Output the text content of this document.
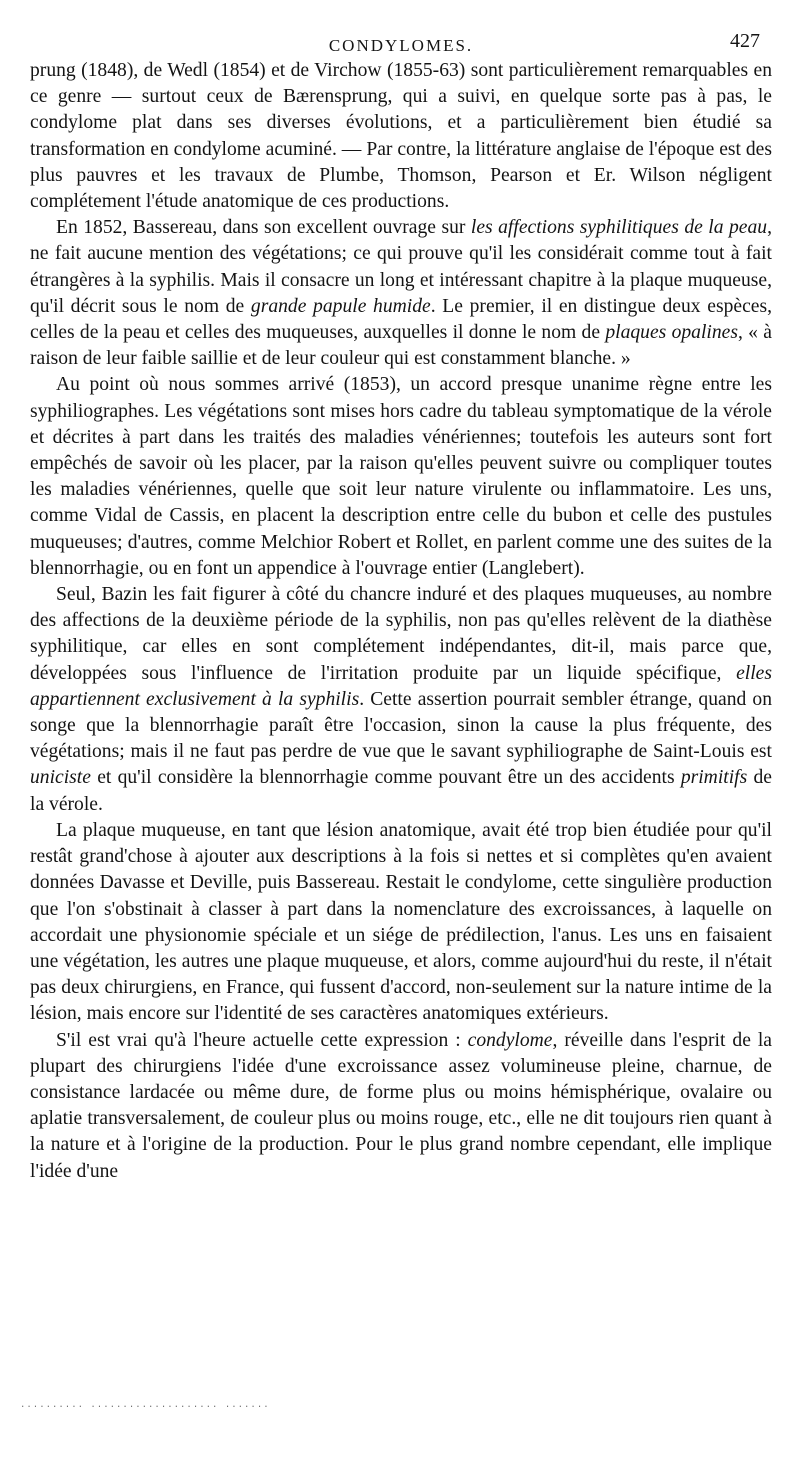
CONDYLOMES.	427

prung (1848), de Wedl (1854) et de Virchow (1855-63) sont particulièrement remarquables en ce genre — surtout ceux de Bærensprung, qui a suivi, en quelque sorte pas à pas, le condylome plat dans ses diverses évolutions, et a particulièrement bien étudié sa transformation en condylome acuminé. — Par contre, la littérature anglaise de l'époque est des plus pauvres et les travaux de Plumbe, Thomson, Pearson et Er. Wilson négligent complétement l'étude anatomique de ces productions.

En 1852, Bassereau, dans son excellent ouvrage sur les affections syphilitiques de la peau, ne fait aucune mention des végétations; ce qui prouve qu'il les considérait comme tout à fait étrangères à la syphilis. Mais il consacre un long et intéressant chapitre à la plaque muqueuse, qu'il décrit sous le nom de grande papule humide. Le premier, il en distingue deux espèces, celles de la peau et celles des muqueuses, auxquelles il donne le nom de plaques opalines, « à raison de leur faible saillie et de leur couleur qui est constamment blanche. »

Au point où nous sommes arrivé (1853), un accord presque unanime règne entre les syphiliographes. Les végétations sont mises hors cadre du tableau symptomatique de la vérole et décrites à part dans les traités des maladies vénériennes; toutefois les auteurs sont fort empêchés de savoir où les placer, par la raison qu'elles peuvent suivre ou compliquer toutes les maladies vénériennes, quelle que soit leur nature virulente ou inflammatoire. Les uns, comme Vidal de Cassis, en placent la description entre celle du bubon et celle des pustules muqueuses; d'autres, comme Melchior Robert et Rollet, en parlent comme une des suites de la blennorrhagie, ou en font un appendice à l'ouvrage entier (Langlebert).

Seul, Bazin les fait figurer à côté du chancre induré et des plaques muqueuses, au nombre des affections de la deuxième période de la syphilis, non pas qu'elles relèvent de la diathèse syphilitique, car elles en sont complétement indépendantes, dit-il, mais parce que, développées sous l'influence de l'irritation produite par un liquide spécifique, elles appartiennent exclusivement à la syphilis. Cette assertion pourrait sembler étrange, quand on songe que la blennorrhagie paraît être l'occasion, sinon la cause la plus fréquente, des végétations; mais il ne faut pas perdre de vue que le savant syphiliographe de Saint-Louis est uniciste et qu'il considère la blennorrhagie comme pouvant être un des accidents primitifs de la vérole.

La plaque muqueuse, en tant que lésion anatomique, avait été trop bien étudiée pour qu'il restât grand'chose à ajouter aux descriptions à la fois si nettes et si complètes qu'en avaient données Davasse et Deville, puis Bassereau. Restait le condylome, cette singulière production que l'on s'obstinait à classer à part dans la nomenclature des excroissances, à laquelle on accordait une physionomie spéciale et un siége de prédilection, l'anus. Les uns en faisaient une végétation, les autres une plaque muqueuse, et alors, comme aujourd'hui du reste, il n'était pas deux chirurgiens, en France, qui fussent d'accord, non-seulement sur la nature intime de la lésion, mais encore sur l'identité de ses caractères anatomiques extérieurs.

S'il est vrai qu'à l'heure actuelle cette expression : condylome, réveille dans l'esprit de la plupart des chirurgiens l'idée d'une excroissance assez volumineuse pleine, charnue, de consistance lardacée ou même dure, de forme plus ou moins hémisphérique, ovalaire ou aplatie transversalement, de couleur plus ou moins rouge, etc., elle ne dit toujours rien quant à la nature et à l'origine de la production. Pour le plus grand nombre cependant, elle implique l'idée d'une

·········· ···················· ·······
